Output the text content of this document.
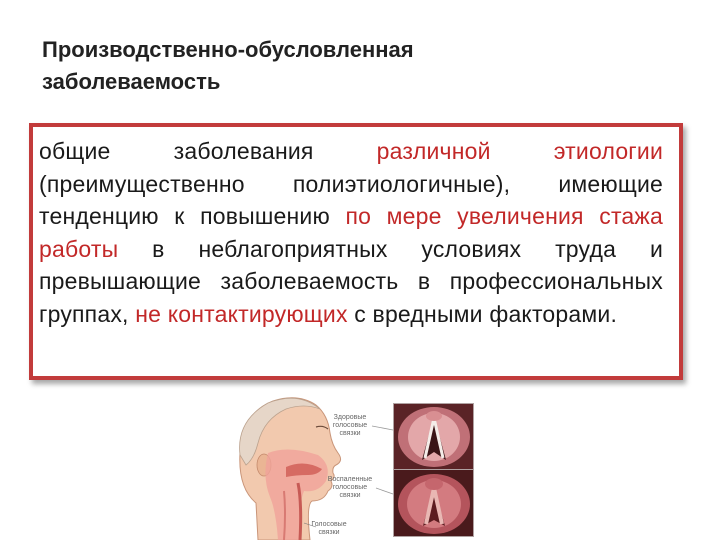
Производственно-обусловленная
заболеваемость
общие заболевания различной этиологии (преимущественно полиэтиологичные), имеющие тенденцию к повышению по мере увеличения стажа работы в неблагоприятных условиях труда и превышающие заболеваемость в профессиональных группах, не контактирующих с вредными факторами.
Здоровые голосовые связки
Воспаленные голосовые связки
Голосовые связки
